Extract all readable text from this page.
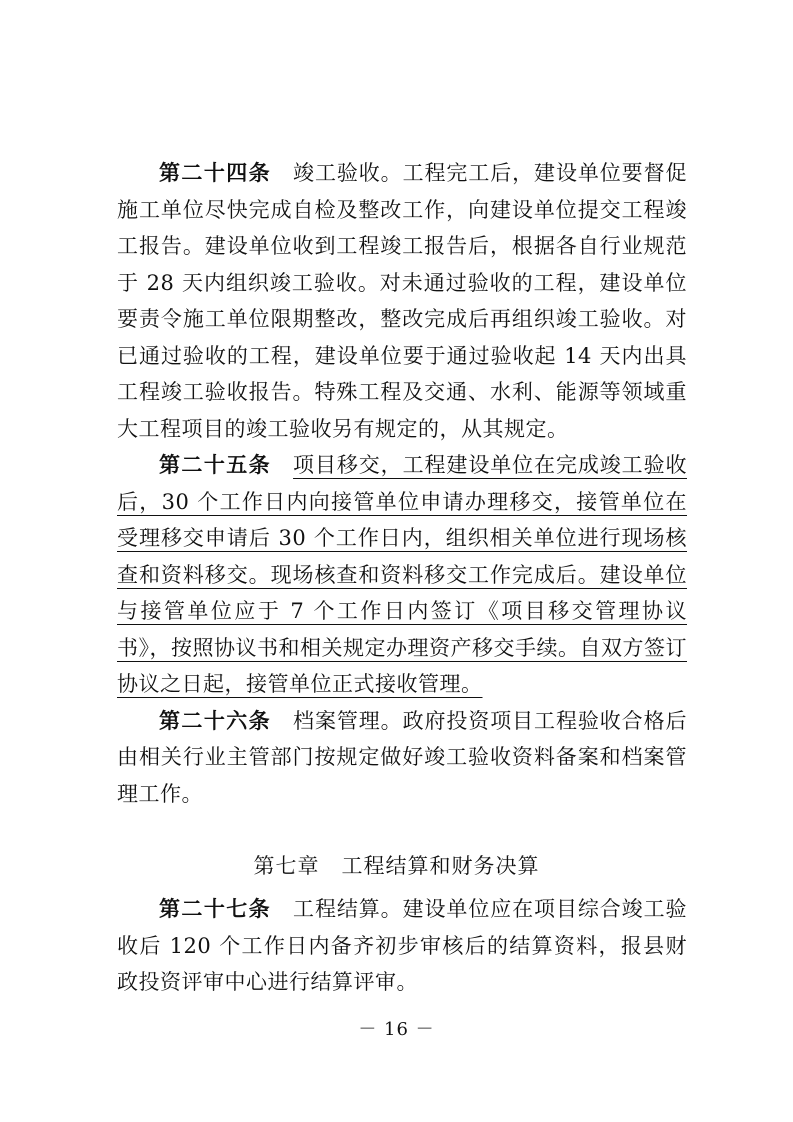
第二十四条 竣工验收。工程完工后，建设单位要督促施工单位尽快完成自检及整改工作，向建设单位提交工程竣工报告。建设单位收到工程竣工报告后，根据各自行业规范于 28 天内组织竣工验收。对未通过验收的工程，建设单位要责令施工单位限期整改，整改完成后再组织竣工验收。对已通过验收的工程，建设单位要于通过验收起 14 天内出具工程竣工验收报告。特殊工程及交通、水利、能源等领域重大工程项目的竣工验收另有规定的，从其规定。

第二十五条 项目移交，工程建设单位在完成竣工验收后，30 个工作日内向接管单位申请办理移交，接管单位在受理移交申请后 30 个工作日内，组织相关单位进行现场核查和资料移交。现场核查和资料移交工作完成后。建设单位与接管单位应于 7 个工作日内签订《项目移交管理协议书》，按照协议书和相关规定办理资产移交手续。自双方签订协议之日起，接管单位正式接收管理。

第二十六条 档案管理。政府投资项目工程验收合格后由相关行业主管部门按规定做好竣工验收资料备案和档案管理工作。

第七章 工程结算和财务决算

第二十七条 工程结算。建设单位应在项目综合竣工验收后 120 个工作日内备齐初步审核后的结算资料，报县财政投资评审中心进行结算评审。

－ 16 －
